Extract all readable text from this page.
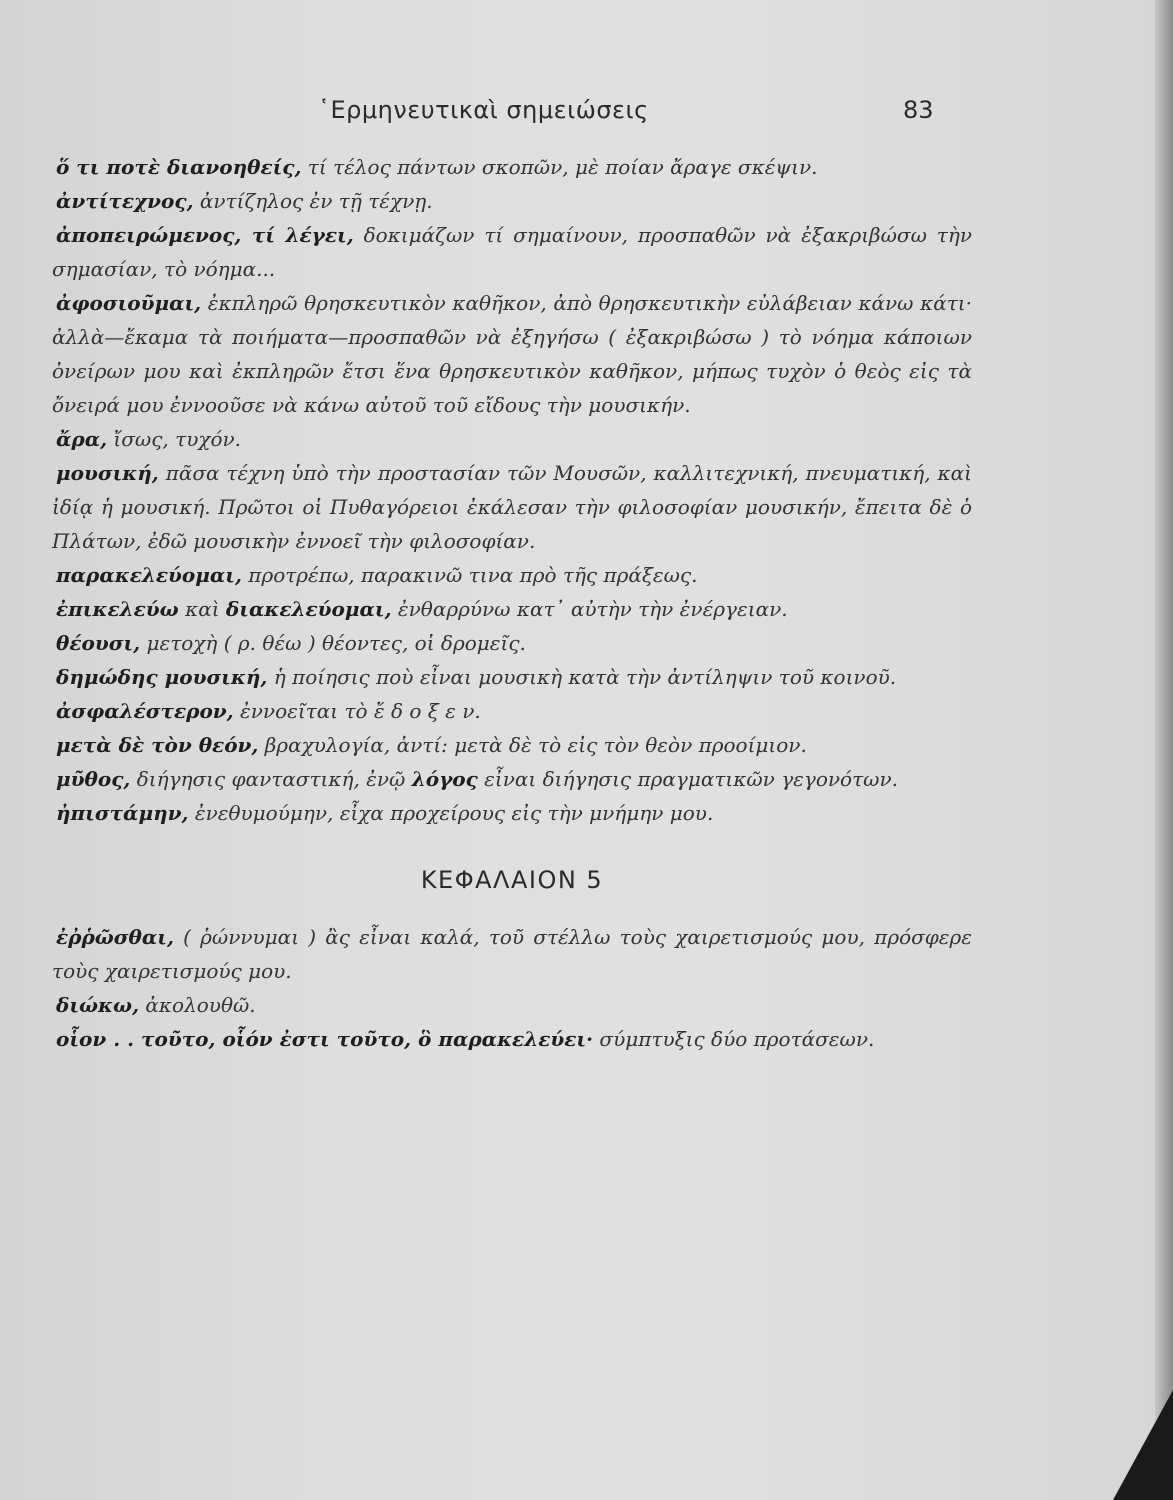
῾Ερμηνευτικαὶ σημειώσεις	83

ὅ τι ποτὲ διανοηθείς, τί τέλος πάντων σκοπῶν, μὲ ποίαν ἄραγε σκέψιν.

ἀντίτεχνος, ἀντίζηλος ἐν τῇ τέχνῃ.

ἀποπειρώμενος, τί λέγει, δοκιμάζων τί σημαίνουν, προσπαθῶν νὰ ἐξακριβώσω τὴν σημασίαν, τὸ νόημα...

ἀφοσιοῦμαι, ἐκπληρῶ θρησκευτικὸν καθῆκον, ἀπὸ θρησκευτικὴν εὐλάβειαν κάνω κάτι· ἀλλὰ—ἔκαμα τὰ ποιήματα—προσπαθῶν νὰ ἐξηγήσω ( ἐξακριβώσω ) τὸ νόημα κάποιων ὀνείρων μου καὶ ἐκπληρῶν ἔτσι ἕνα θρησκευτικὸν καθῆκον, μήπως τυχὸν ὁ θεὸς εἰς τὰ ὄνειρά μου ἐννοοῦσε νὰ κάνω αὐτοῦ τοῦ εἴδους τὴν μουσικήν.

ἄρα, ἴσως, τυχόν.

μουσική, πᾶσα τέχνη ὑπὸ τὴν προστασίαν τῶν Μουσῶν, καλλιτεχνική, πνευματική, καὶ ἰδίᾳ ἡ μουσική. Πρῶτοι οἱ Πυθαγόρειοι ἐκάλεσαν τὴν φιλοσοφίαν μουσικήν, ἔπειτα δὲ ὁ Πλάτων, ἐδῶ μουσικὴν ἐννοεῖ τὴν φιλοσοφίαν.

παρακελεύομαι, προτρέπω, παρακινῶ τινα πρὸ τῆς πράξεως.

ἐπικελεύω καὶ διακελεύομαι, ἐνθαρρύνω κατ᾽ αὐτὴν τὴν ἐνέργειαν.

θέουσι, μετοχὴ ( ρ. θέω ) θέοντες, οἱ δρομεῖς.

δημώδης μουσική, ἡ ποίησις ποὺ εἶναι μουσικὴ κατὰ τὴν ἀντίληψιν τοῦ κοινοῦ.

ἀσφαλέστερον, ἐννοεῖται τὸ ἔ δ ο ξ ε ν.

μετὰ δὲ τὸν θεόν, βραχυλογία, ἀντί: μετὰ δὲ τὸ εἰς τὸν θεὸν προοίμιον.

μῦθος, διήγησις φανταστική, ἐνῷ λόγος εἶναι διήγησις πραγματικῶν γεγονότων.

ἠπιστάμην, ἐνεθυμούμην, εἶχα προχείρους εἰς τὴν μνήμην μου.

ΚΕΦΑΛΑΙΟΝ 5

ἐῤῥῶσθαι, ( ῥώννυμαι ) ἂς εἶναι καλά, τοῦ στέλλω τοὺς χαιρετισμούς μου, πρόσφερε τοὺς χαιρετισμούς μου.

διώκω, ἀκολουθῶ.

οἷον . . τοῦτο, οἷόν ἐστι τοῦτο, ὃ παρακελεύει· σύμπτυξις δύο προτάσεων.
